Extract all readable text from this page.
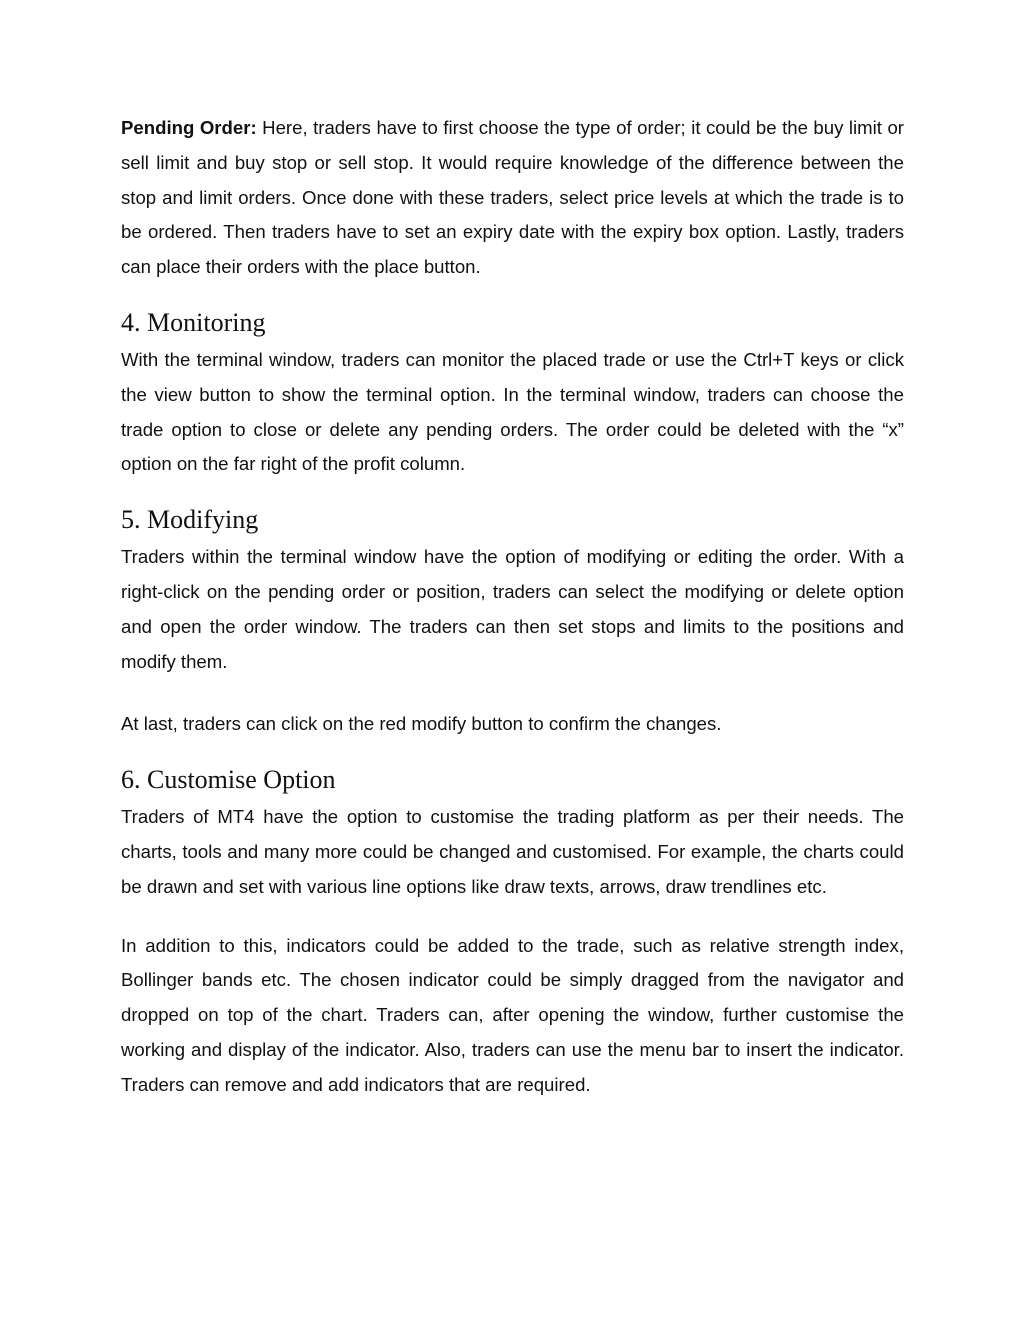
Pending Order: Here, traders have to first choose the type of order; it could be the buy limit or sell limit and buy stop or sell stop. It would require knowledge of the difference between the stop and limit orders. Once done with these traders, select price levels at which the trade is to be ordered. Then traders have to set an expiry date with the expiry box option. Lastly, traders can place their orders with the place button.

4. Monitoring

With the terminal window, traders can monitor the placed trade or use the Ctrl+T keys or click the view button to show the terminal option. In the terminal window, traders can choose the trade option to close or delete any pending orders. The order could be deleted with the “x” option on the far right of the profit column.

5. Modifying

Traders within the terminal window have the option of modifying or editing the order. With a right-click on the pending order or position, traders can select the modifying or delete option and open the order window. The traders can then set stops and limits to the positions and modify them.

At last, traders can click on the red modify button to confirm the changes.

6. Customise Option

Traders of MT4 have the option to customise the trading platform as per their needs. The charts, tools and many more could be changed and customised. For example, the charts could be drawn and set with various line options like draw texts, arrows, draw trendlines etc.

In addition to this, indicators could be added to the trade, such as relative strength index, Bollinger bands etc. The chosen indicator could be simply dragged from the navigator and dropped on top of the chart. Traders can, after opening the window, further customise the working and display of the indicator. Also, traders can use the menu bar to insert the indicator. Traders can remove and add indicators that are required.
